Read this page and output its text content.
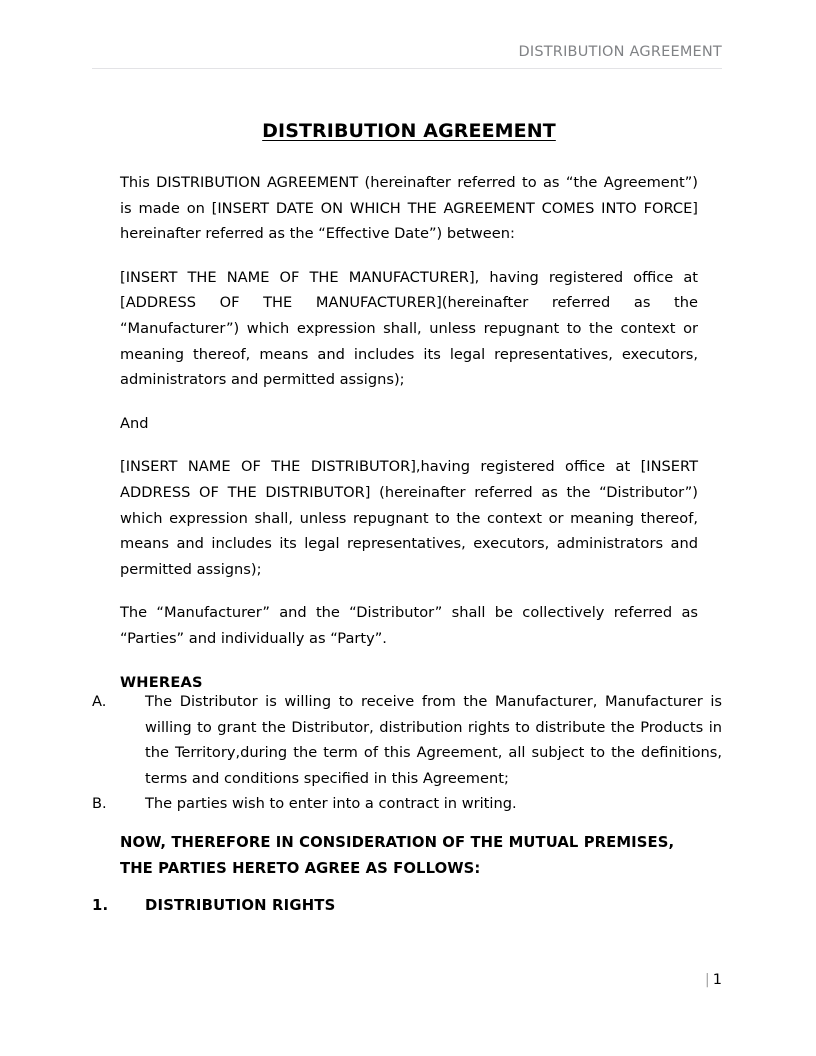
DISTRIBUTION AGREEMENT
DISTRIBUTION AGREEMENT

This DISTRIBUTION AGREEMENT (hereinafter referred to as “the Agreement”) is made on [INSERT DATE ON WHICH THE AGREEMENT COMES INTO FORCE] hereinafter referred as the “Effective Date”) between:

[INSERT THE NAME OF THE MANUFACTURER], having registered office at [ADDRESS OF THE MANUFACTURER](hereinafter referred as the “Manufacturer”) which expression shall, unless repugnant to the context or meaning thereof, means and includes its legal representatives, executors, administrators and permitted assigns);

And

[INSERT NAME OF THE DISTRIBUTOR],having registered office at [INSERT ADDRESS OF THE DISTRIBUTOR] (hereinafter referred as the “Distributor”) which expression shall, unless repugnant to the context or meaning thereof, means and includes its legal representatives, executors, administrators and permitted assigns);

The “Manufacturer” and the “Distributor” shall be collectively referred as “Parties” and individually as “Party”.

WHEREAS
A.	The Distributor is willing to receive from the Manufacturer, Manufacturer is willing to grant the Distributor, distribution rights to distribute the Products in the Territory,during the term of this Agreement, all subject to the definitions, terms and conditions specified in this Agreement;
B.	The parties wish to enter into a contract in writing.
NOW, THEREFORE IN CONSIDERATION OF THE MUTUAL PREMISES, THE PARTIES HERETO AGREE AS FOLLOWS:
1.	DISTRIBUTION RIGHTS
| 1
